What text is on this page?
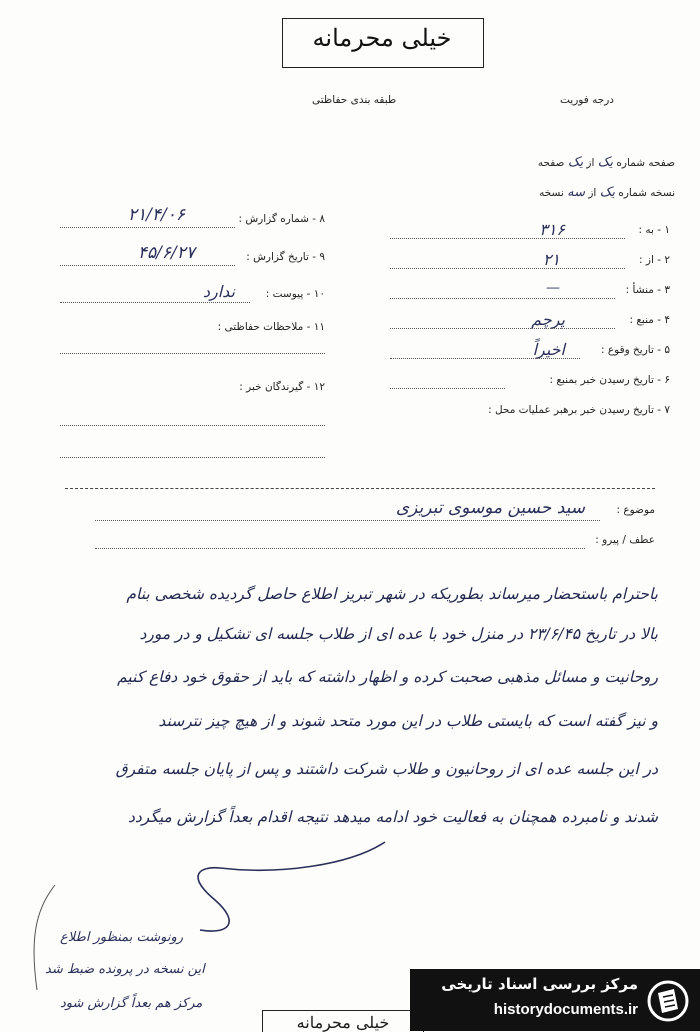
خیلی محرمانه
درجه فوریت
طبقه بندی حفاظتی
صفحه شماره یک از یک صفحه
نسخه شماره یک از سه نسخه
۱ - به :
۳۱۶
۲ - از :
۲۱
۳ - منشأ :
—
۴ - منبع :
پرچم
۵ - تاریخ وقوع :
اخیراً
۶ - تاریخ رسیدن خبر بمنبع :
۷ - تاریخ رسیدن خبر برهبر عملیات محل :
۸ - شماره گزارش :
۲۱/۴/۰۶
۹ - تاریخ گزارش :
۴۵/۶/۲۷
۱۰ - پیوست :
ندارد
۱۱ - ملاحظات حفاظتی :
۱۲ - گیرندگان خبر :
موضوع :
سید حسین موسوی تبریزی
عطف / پیرو :
باحترام باستحضار میرساند بطوریکه در شهر تبریز اطلاع حاصل گردیده شخصی بنام
بالا در تاریخ ۲۳/۶/۴۵ در منزل خود با عده ای از طلاب جلسه ای تشکیل و در مورد
روحانیت و مسائل مذهبی صحبت کرده و اظهار داشته که باید از حقوق خود دفاع کنیم
و نیز گفته است که بایستی طلاب در این مورد متحد شوند و از هیچ چیز نترسند
در این جلسه عده ای از روحانیون و طلاب شرکت داشتند و پس از پایان جلسه متفرق
شدند و نامبرده همچنان به فعالیت خود ادامه میدهد نتیجه اقدام بعداً گزارش میگردد
رونوشت بمنظور اطلاع
این نسخه در پرونده ضبط شد
مرکز هم بعداً گزارش شود
خیلی محرمانه
مرکز بررسی اسناد تاریخی
historydocuments.ir
